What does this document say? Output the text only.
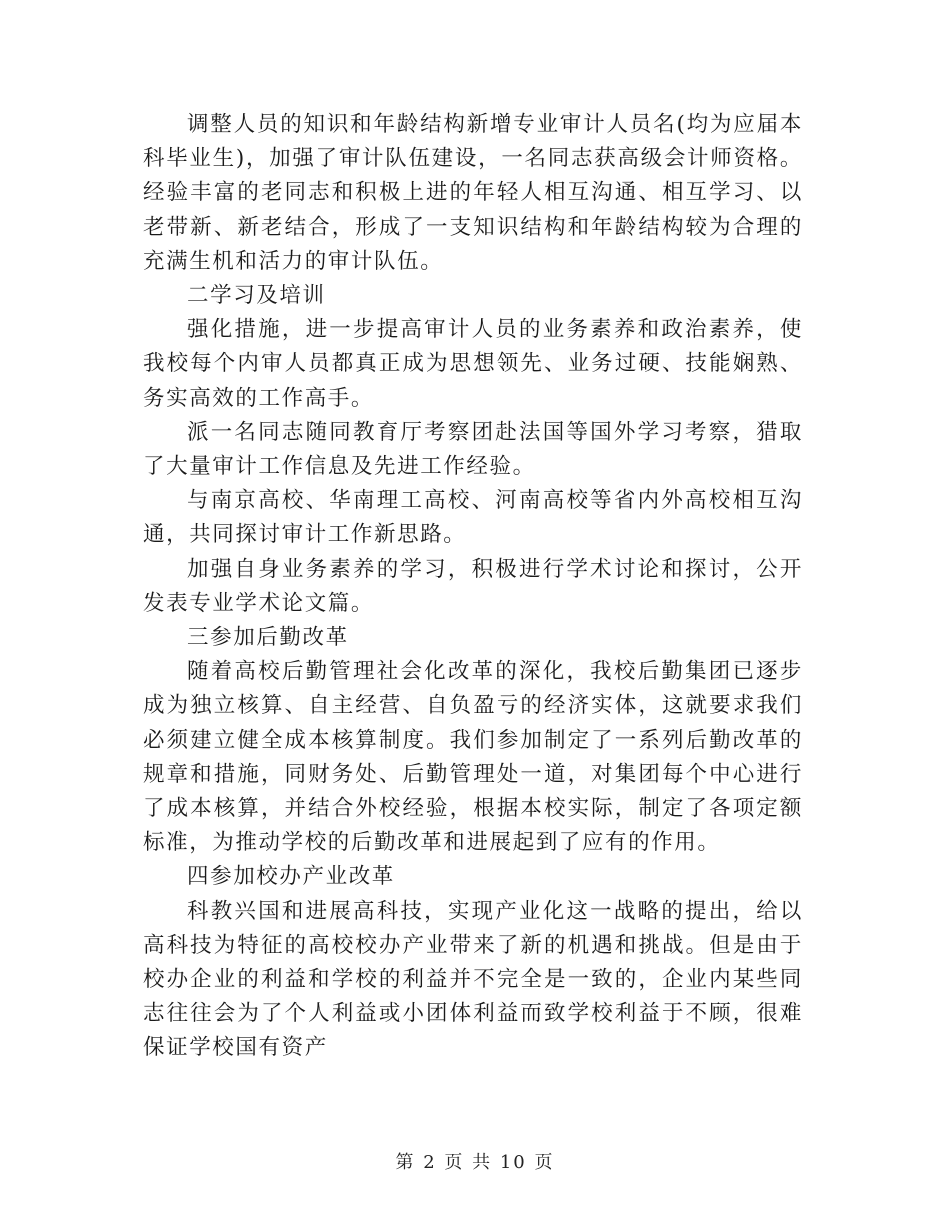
调整人员的知识和年龄结构新增专业审计人员名(均为应届本科毕业生)，加强了审计队伍建设，一名同志获高级会计师资格。经验丰富的老同志和积极上进的年轻人相互沟通、相互学习、以老带新、新老结合，形成了一支知识结构和年龄结构较为合理的充满生机和活力的审计队伍。

二学习及培训

强化措施，进一步提高审计人员的业务素养和政治素养，使我校每个内审人员都真正成为思想领先、业务过硬、技能娴熟、务实高效的工作高手。

派一名同志随同教育厅考察团赴法国等国外学习考察，猎取了大量审计工作信息及先进工作经验。

与南京高校、华南理工高校、河南高校等省内外高校相互沟通，共同探讨审计工作新思路。

加强自身业务素养的学习，积极进行学术讨论和探讨，公开发表专业学术论文篇。

三参加后勤改革

随着高校后勤管理社会化改革的深化，我校后勤集团已逐步成为独立核算、自主经营、自负盈亏的经济实体，这就要求我们必须建立健全成本核算制度。我们参加制定了一系列后勤改革的规章和措施，同财务处、后勤管理处一道，对集团每个中心进行了成本核算，并结合外校经验，根据本校实际，制定了各项定额标准，为推动学校的后勤改革和进展起到了应有的作用。

四参加校办产业改革

科教兴国和进展高科技，实现产业化这一战略的提出，给以高科技为特征的高校校办产业带来了新的机遇和挑战。但是由于校办企业的利益和学校的利益并不完全是一致的，企业内某些同志往往会为了个人利益或小团体利益而致学校利益于不顾，很难保证学校国有资产

第 2 页 共 10 页
